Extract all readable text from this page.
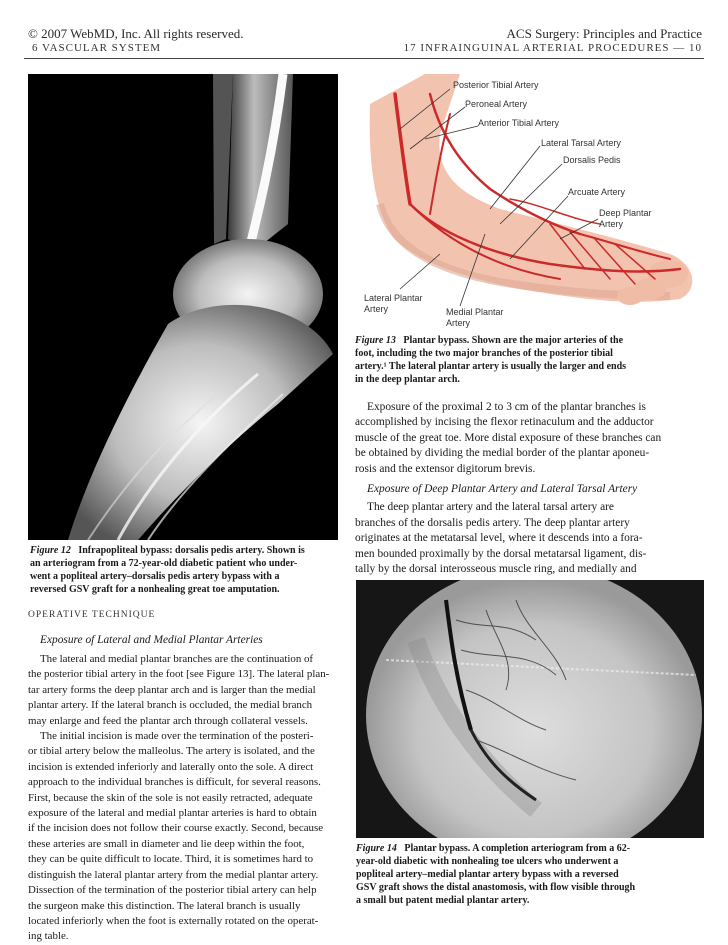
© 2007 WebMD, Inc. All rights reserved.	ACS Surgery: Principles and Practice
6 VASCULAR SYSTEM	17 INFRAINGUINAL ARTERIAL PROCEDURES — 10
Posterior Tibial Artery
Peroneal Artery
Anterior Tibial Artery
Lateral Tarsal Artery
Dorsalis Pedis
Arcuate Artery
Deep Plantar
Artery
Lateral Plantar
Artery	Medial Plantar
Artery
Figure 13 Plantar bypass. Shown are the major arteries of the
foot, including the two major branches of the posterior tibial
artery.¹ The lateral plantar artery is usually the larger and ends
in the deep plantar arch.
Exposure of the proximal 2 to 3 cm of the plantar branches is
accomplished by incising the flexor retinaculum and the adductor
muscle of the great toe. More distal exposure of these branches can
be obtained by dividing the medial border of the plantar aponeu-
rosis and the extensor digitorum brevis.
Exposure of Deep Plantar Artery and Lateral Tarsal Artery
The deep plantar artery and the lateral tarsal artery are
branches of the dorsalis pedis artery. The deep plantar artery
originates at the metatarsal level, where it descends into a fora-
men bounded proximally by the dorsal metatarsal ligament, dis-
tally by the dorsal interosseous muscle ring, and medially and
Figure 12 Infrapopliteal bypass: dorsalis pedis artery. Shown is
an arteriogram from a 72-year-old diabetic patient who under-
went a popliteal artery–dorsalis pedis artery bypass with a
reversed GSV graft for a nonhealing great toe amputation.
OPERATIVE TECHNIQUE
Exposure of Lateral and Medial Plantar Arteries
The lateral and medial plantar branches are the continuation of
the posterior tibial artery in the foot [see Figure 13]. The lateral plan-
tar artery forms the deep plantar arch and is larger than the medial
plantar artery. If the lateral branch is occluded, the medial branch
may enlarge and feed the plantar arch through collateral vessels.
The initial incision is made over the termination of the posteri-
or tibial artery below the malleolus. The artery is isolated, and the
incision is extended inferiorly and laterally onto the sole. A direct
approach to the individual branches is difficult, for several reasons.
First, because the skin of the sole is not easily retracted, adequate
exposure of the lateral and medial plantar arteries is hard to obtain
if the incision does not follow their course exactly. Second, because
these arteries are small in diameter and lie deep within the foot,
they can be quite difficult to locate. Third, it is sometimes hard to
distinguish the lateral plantar artery from the medial plantar artery.
Dissection of the termination of the posterior tibial artery can help
the surgeon make this distinction. The lateral branch is usually
located inferiorly when the foot is externally rotated on the operat-
ing table.
Figure 14 Plantar bypass. A completion arteriogram from a 62-
year-old diabetic with nonhealing toe ulcers who underwent a
popliteal artery–medial plantar artery bypass with a reversed
GSV graft shows the distal anastomosis, with flow visible through
a small but patent medial plantar artery.
